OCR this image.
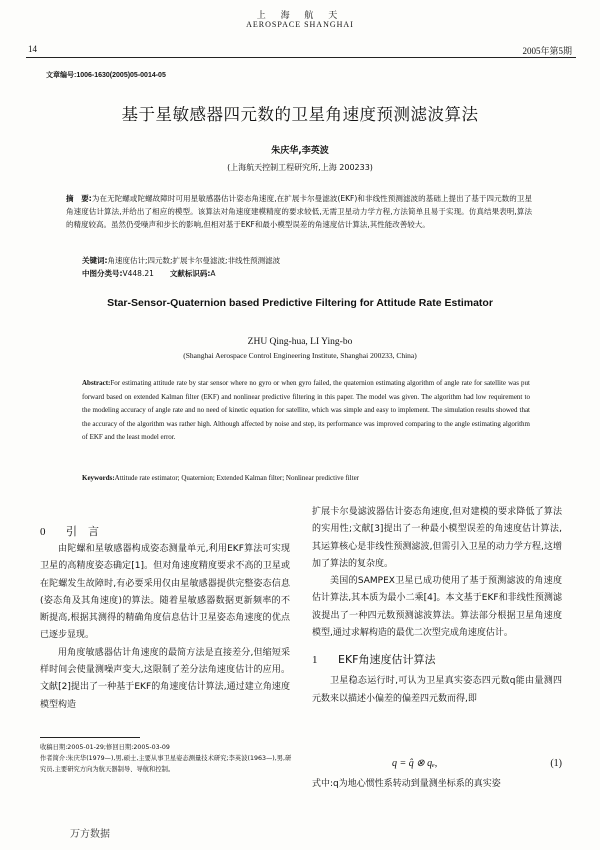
上 海 航 天
AEROSPACE SHANGHAI
14	2005年第5期
文章编号:1006-1630(2005)05-0014-05
基于星敏感器四元数的卫星角速度预测滤波算法
朱庆华,李英波
(上海航天控制工程研究所,上海 200233)
摘　要:为在无陀螺或陀螺故障时可用星敏感器估计姿态角速度,在扩展卡尔曼滤波(EKF)和非线性预测滤波的基础上提出了基于四元数的卫星角速度估计算法,并给出了相应的模型。该算法对角速度建模精度的要求较低,无需卫星动力学方程,方法简单且易于实现。仿真结果表明,算法的精度较高。虽然仍受噪声和步长的影响,但相对基于EKF和最小模型误差的角速度估计算法,其性能改善较大。
关键词:角速度估计;四元数;扩展卡尔曼滤波;非线性预测滤波
中图分类号:V448.21 文献标识码:A
Star-Sensor-Quaternion based Predictive Filtering for Attitude Rate Estimator
ZHU Qing-hua, LI Ying-bo
(Shanghai Aerospace Control Engineering Institute, Shanghai 200233, China)
Abstract:For estimating attitude rate by star sensor where no gyro or when gyro failed, the quaternion estimating algorithm of angle rate for satellite was put forward based on extended Kalman filter (EKF) and nonlinear predictive filtering in this paper. The model was given. The algorithm had low requirement to the modeling accuracy of angle rate and no need of kinetic equation for satellite, which was simple and easy to implement. The simulation results showed that the accuracy of the algorithm was rather high. Although affected by noise and step, its performance was improved comparing to the angle estimating algorithm of EKF and the least model error.
Keywords:Attitude rate estimator; Quaternion; Extended Kalman filter; Nonlinear predictive filter
0 引　言

由陀螺和星敏感器构成姿态测量单元,利用EKF算法可实现卫星的高精度姿态确定[1]。但对角速度精度要求不高的卫星或在陀螺发生故障时,有必要采用仅由星敏感器提供完整姿态信息(姿态角及其角速度)的算法。随着星敏感器数据更新频率的不断提高,根据其测得的精确角度信息估计卫星姿态角速度的优点已逐步显现。

用角度敏感器估计角速度的最简方法是直接差分,但缩短采样时间会使量测噪声变大,这限制了差分法角速度估计的应用。文献[2]提出了一种基于EKF的角速度估计算法,通过建立角速度模型构造

收稿日期:2005-01-29;修回日期:2005-03-09

作者简介:朱庆华(1979—),男,硕士,主要从事卫星姿态测量技术研究;李英波(1963—),男,研究员,主要研究方向为航天器制导、导航和控制。

扩展卡尔曼滤波器估计姿态角速度,但对建模的要求降低了算法的实用性;文献[3]提出了一种最小模型误差的角速度估计算法,其运算核心是非线性预测滤波,但需引入卫星的动力学方程,这增加了算法的复杂度。

美国的SAMPEX卫星已成功使用了基于预测滤波的角速度估计算法,其本质为最小二乘[4]。本文基于EKF和非线性预测滤波提出了一种四元数预测滤波算法。算法部分根据卫星角速度模型,通过求解构造的最优二次型完成角速度估计。

1 EKF角速度估计算法

卫星稳态运行时,可认为卫星真实姿态四元数q能由量测四元数来以描述小偏差的偏差四元数而得,即

q = q̂ ⊗ qₑ,	(1)
式中:q为地心惯性系转动到量测坐标系的真实姿
万方数据
